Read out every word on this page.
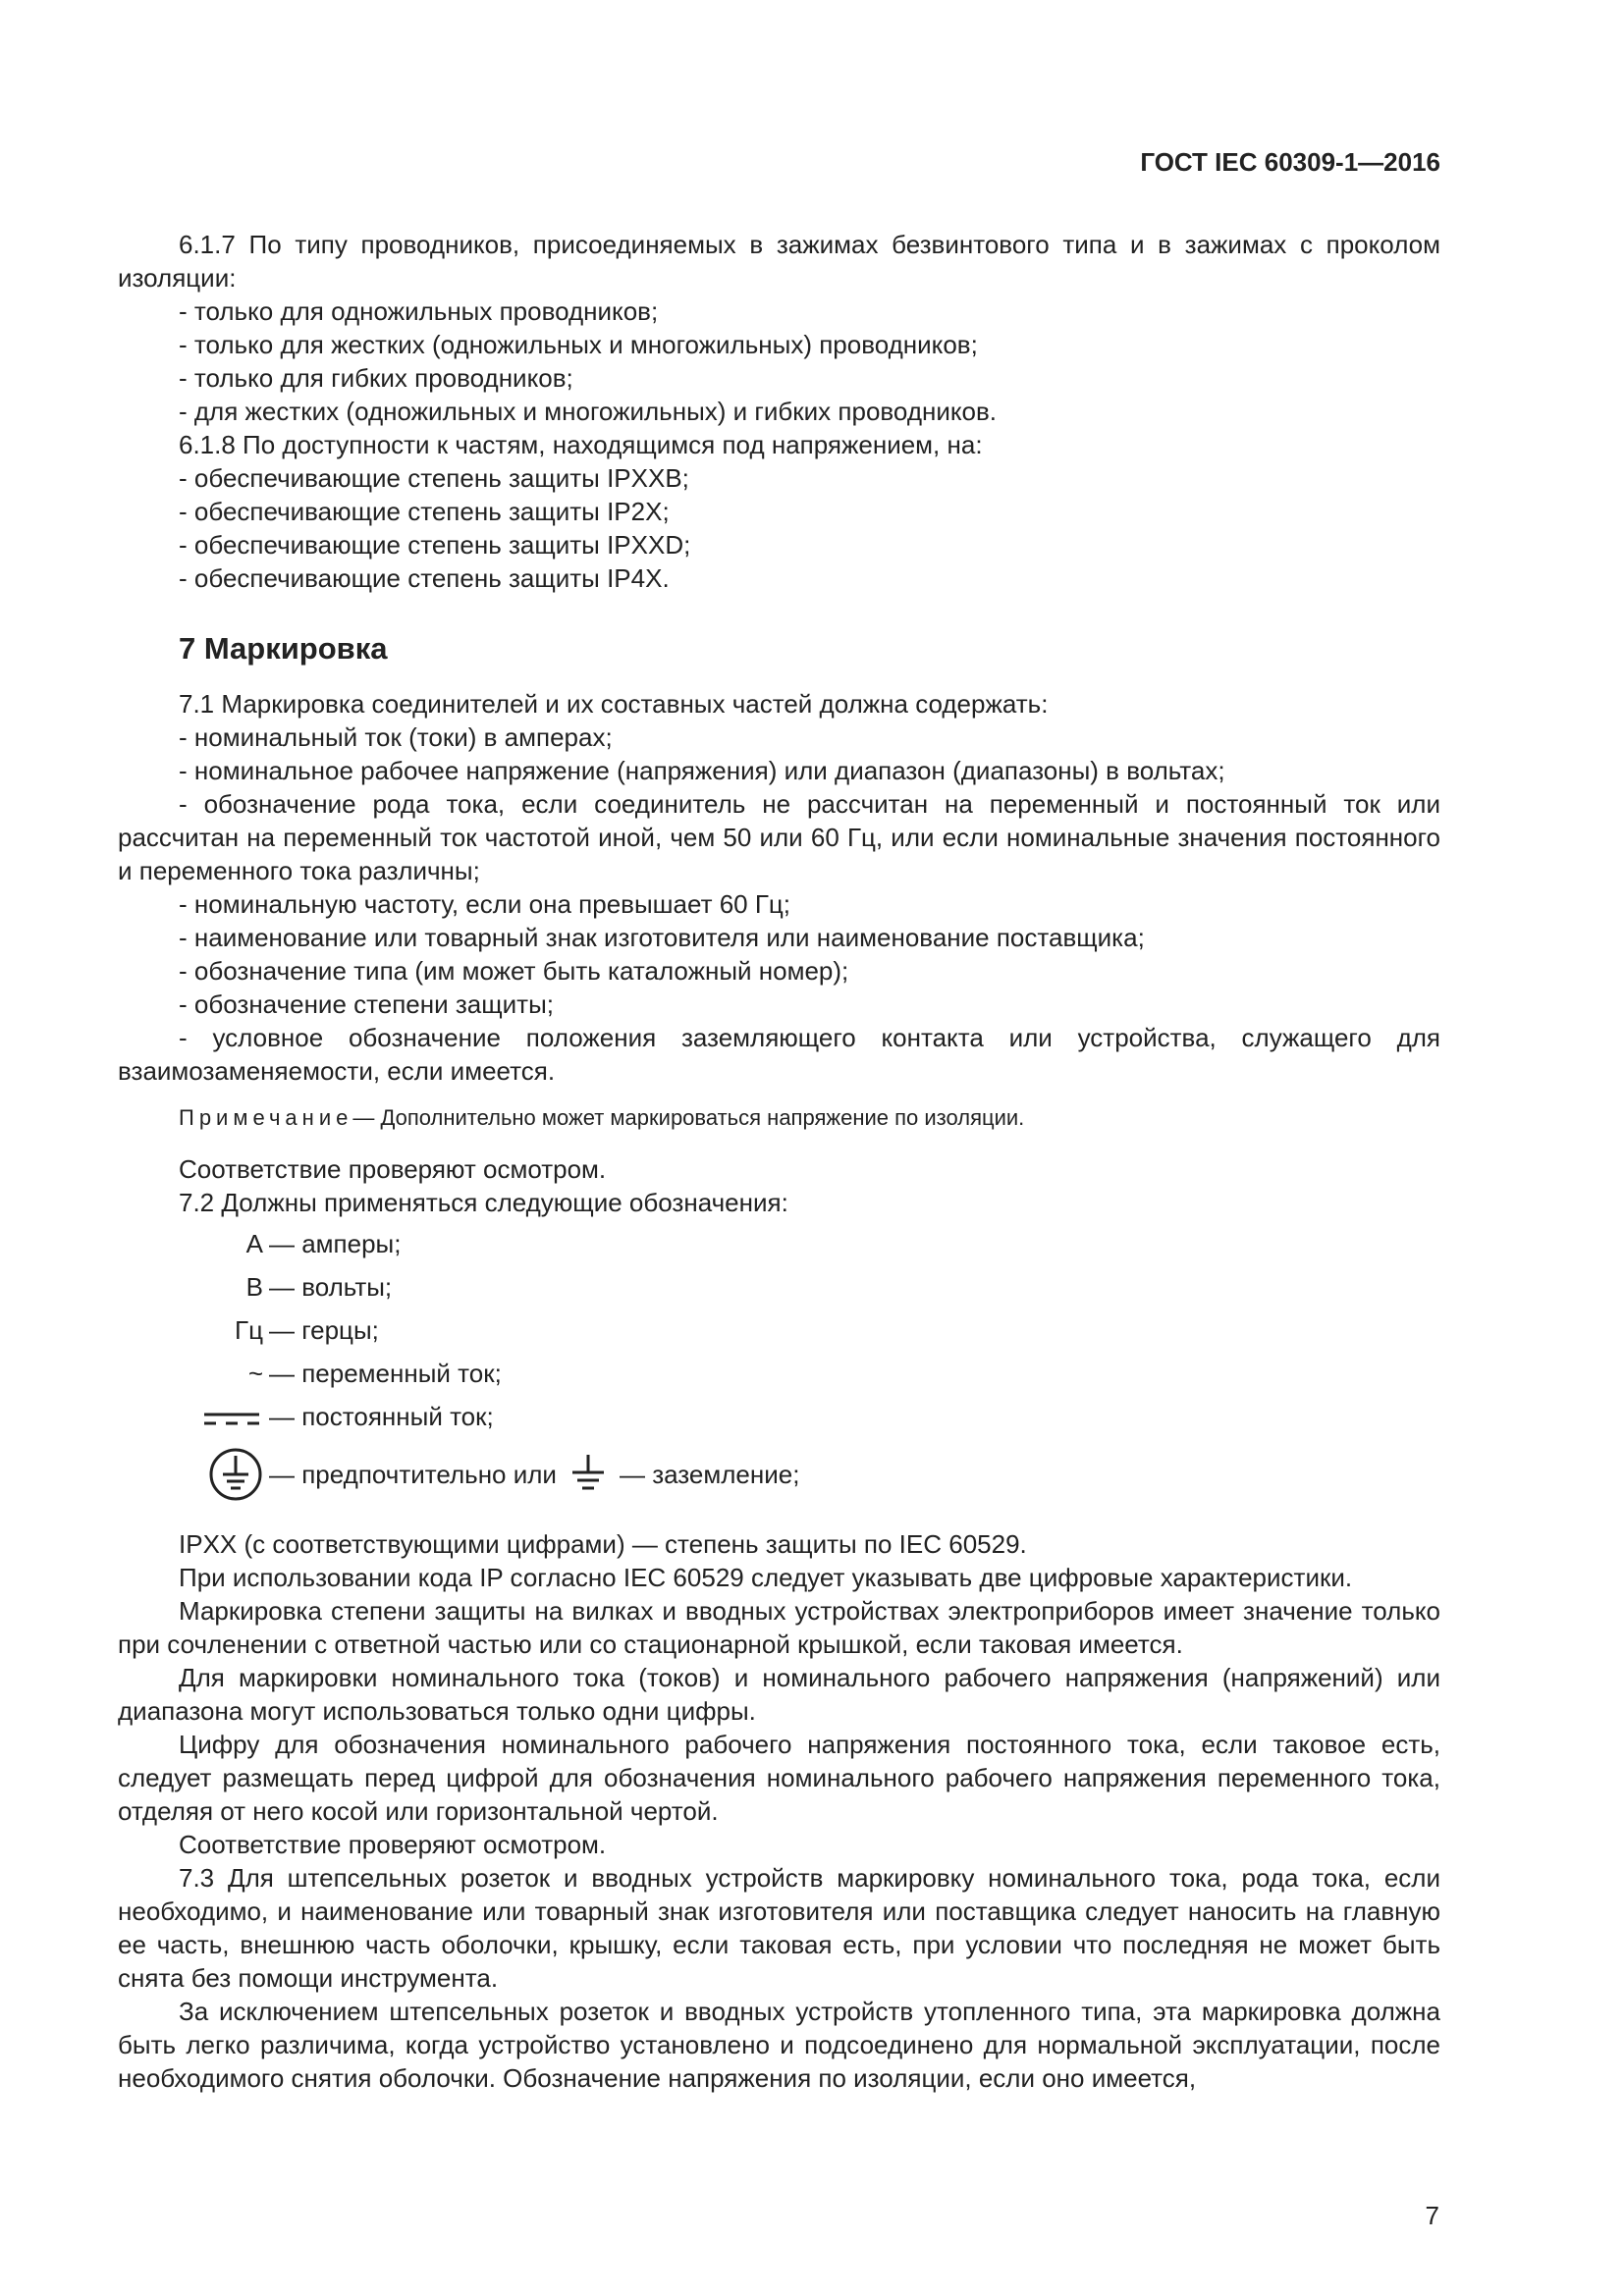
ГОСТ IEC 60309-1—2016
6.1.7 По типу проводников, присоединяемых в зажимах безвинтового типа и в зажимах с проколом изоляции:
- только для одножильных проводников;
- только для жестких (одножильных и многожильных) проводников;
- только для гибких проводников;
- для жестких (одножильных и многожильных) и гибких проводников.
6.1.8 По доступности к частям, находящимся под напряжением, на:
- обеспечивающие степень защиты IPXXB;
- обеспечивающие степень защиты IP2X;
- обеспечивающие степень защиты IPXXD;
- обеспечивающие степень защиты IP4X.
7 Маркировка
7.1 Маркировка соединителей и их составных частей должна содержать:
- номинальный ток (токи) в амперах;
- номинальное рабочее напряжение (напряжения) или диапазон (диапазоны) в вольтах;
- обозначение рода тока, если соединитель не рассчитан на переменный и постоянный ток или рассчитан на переменный ток частотой иной, чем 50 или 60 Гц, или если номинальные значения постоянного и переменного тока различны;
- номинальную частоту, если она превышает 60 Гц;
- наименование или товарный знак изготовителя или наименование поставщика;
- обозначение типа (им может быть каталожный номер);
- обозначение степени защиты;
- условное обозначение положения заземляющего контакта или устройства, служащего для взаимозаменяемости, если имеется.
Примечание— Дополнительно может маркироваться напряжение по изоляции.
Соответствие проверяют осмотром.
7.2 Должны применяться следующие обозначения:
А — амперы;
В — вольты;
Гц — герцы;
~ — переменный ток;
— постоянный ток;
— предпочтительно или — заземление;
IPXX (с соответствующими цифрами) — степень защиты по IEC 60529.
При использовании кода IP согласно IEC 60529 следует указывать две цифровые характеристики.
Маркировка степени защиты на вилках и вводных устройствах электроприборов имеет значение только при сочленении с ответной частью или со стационарной крышкой, если таковая имеется.
Для маркировки номинального тока (токов) и номинального рабочего напряжения (напряжений) или диапазона могут использоваться только одни цифры.
Цифру для обозначения номинального рабочего напряжения постоянного тока, если таковое есть, следует размещать перед цифрой для обозначения номинального рабочего напряжения переменного тока, отделяя от него косой или горизонтальной чертой.
Соответствие проверяют осмотром.
7.3 Для штепсельных розеток и вводных устройств маркировку номинального тока, рода тока, если необходимо, и наименование или товарный знак изготовителя или поставщика следует наносить на главную ее часть, внешнюю часть оболочки, крышку, если таковая есть, при условии что последняя не может быть снята без помощи инструмента.
За исключением штепсельных розеток и вводных устройств утопленного типа, эта маркировка должна быть легко различима, когда устройство установлено и подсоединено для нормальной эксплуатации, после необходимого снятия оболочки. Обозначение напряжения по изоляции, если оно имеется,
7
